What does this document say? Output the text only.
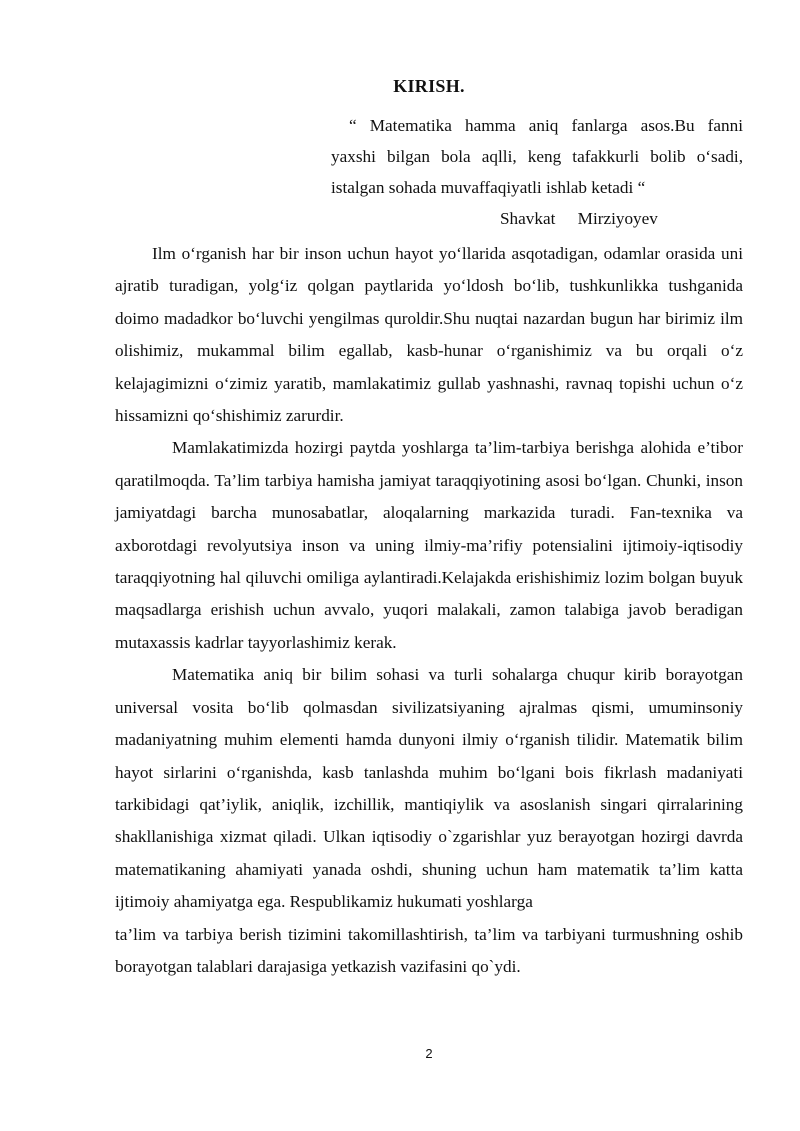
KIRISH.
“ Matematika hamma aniq fanlarga asos.Bu fanni
yaxshi bilgan bola aqlli, keng tafakkurli bolib o‘sadi,
istalgan sohada muvaffaqiyatli ishlab ketadi “
Shavkat Mirziyoyev

Ilm o‘rganish har bir inson uchun hayot yo‘llarida asqotadigan, odamlar orasida uni ajratib turadigan, yolg‘iz qolgan paytlarida yo‘ldosh bo‘lib, tushkunlikka tushganida doimo madadkor bo‘luvchi yengilmas quroldir.Shu nuqtai nazardan bugun har birimiz ilm olishimiz, mukammal bilim egallab, kasb-hunar o‘rganishimiz va bu orqali o‘z kelajagimizni o‘zimiz yaratib, mamlakatimiz gullab yashnashi, ravnaq topishi uchun o‘z hissamizni qo‘shishimiz zarurdir.

Mamlakatimizda hozirgi paytda yoshlarga ta’lim-tarbiya berishga alohida e’tibor qaratilmoqda. Ta’lim tarbiya hamisha jamiyat taraqqiyotining asosi bo‘lgan. Chunki, inson jamiyatdagi barcha munosabatlar, aloqalarning markazida turadi. Fan-texnika va axborotdagi revolyutsiya inson va uning ilmiy-ma’rifiy potensialini ijtimoiy-iqtisodiy taraqqiyotning hal qiluvchi omiliga aylantiradi.Kelajakda erishishimiz lozim bolgan buyuk maqsadlarga erishish uchun avvalo, yuqori malakali, zamon talabiga javob beradigan mutaxassis kadrlar tayyorlashimiz kerak.

Matematika aniq bir bilim sohasi va turli sohalarga chuqur kirib borayotgan universal vosita bo‘lib qolmasdan sivilizatsiyaning ajralmas qismi, umuminsoniy madaniyatning muhim elementi hamda dunyoni ilmiy o‘rganish tilidir. Matematik bilim hayot sirlarini o‘rganishda, kasb tanlashda muhim bo‘lgani bois fikrlash madaniyati tarkibidagi qat’iylik, aniqlik, izchillik, mantiqiylik va asoslanish singari qirralarining shakllanishiga xizmat qiladi. Ulkan iqtisodiy o`zgarishlar yuz berayotgan hozirgi davrda matematikaning ahamiyati yanada oshdi, shuning uchun ham matematik ta’lim katta ijtimoiy ahamiyatga ega. Respublikamiz hukumati yoshlarga

ta’lim va tarbiya berish tizimini takomillashtirish, ta’lim va tarbiyani turmushning oshib borayotgan talablari darajasiga yetkazish vazifasini qo`ydi.

2
